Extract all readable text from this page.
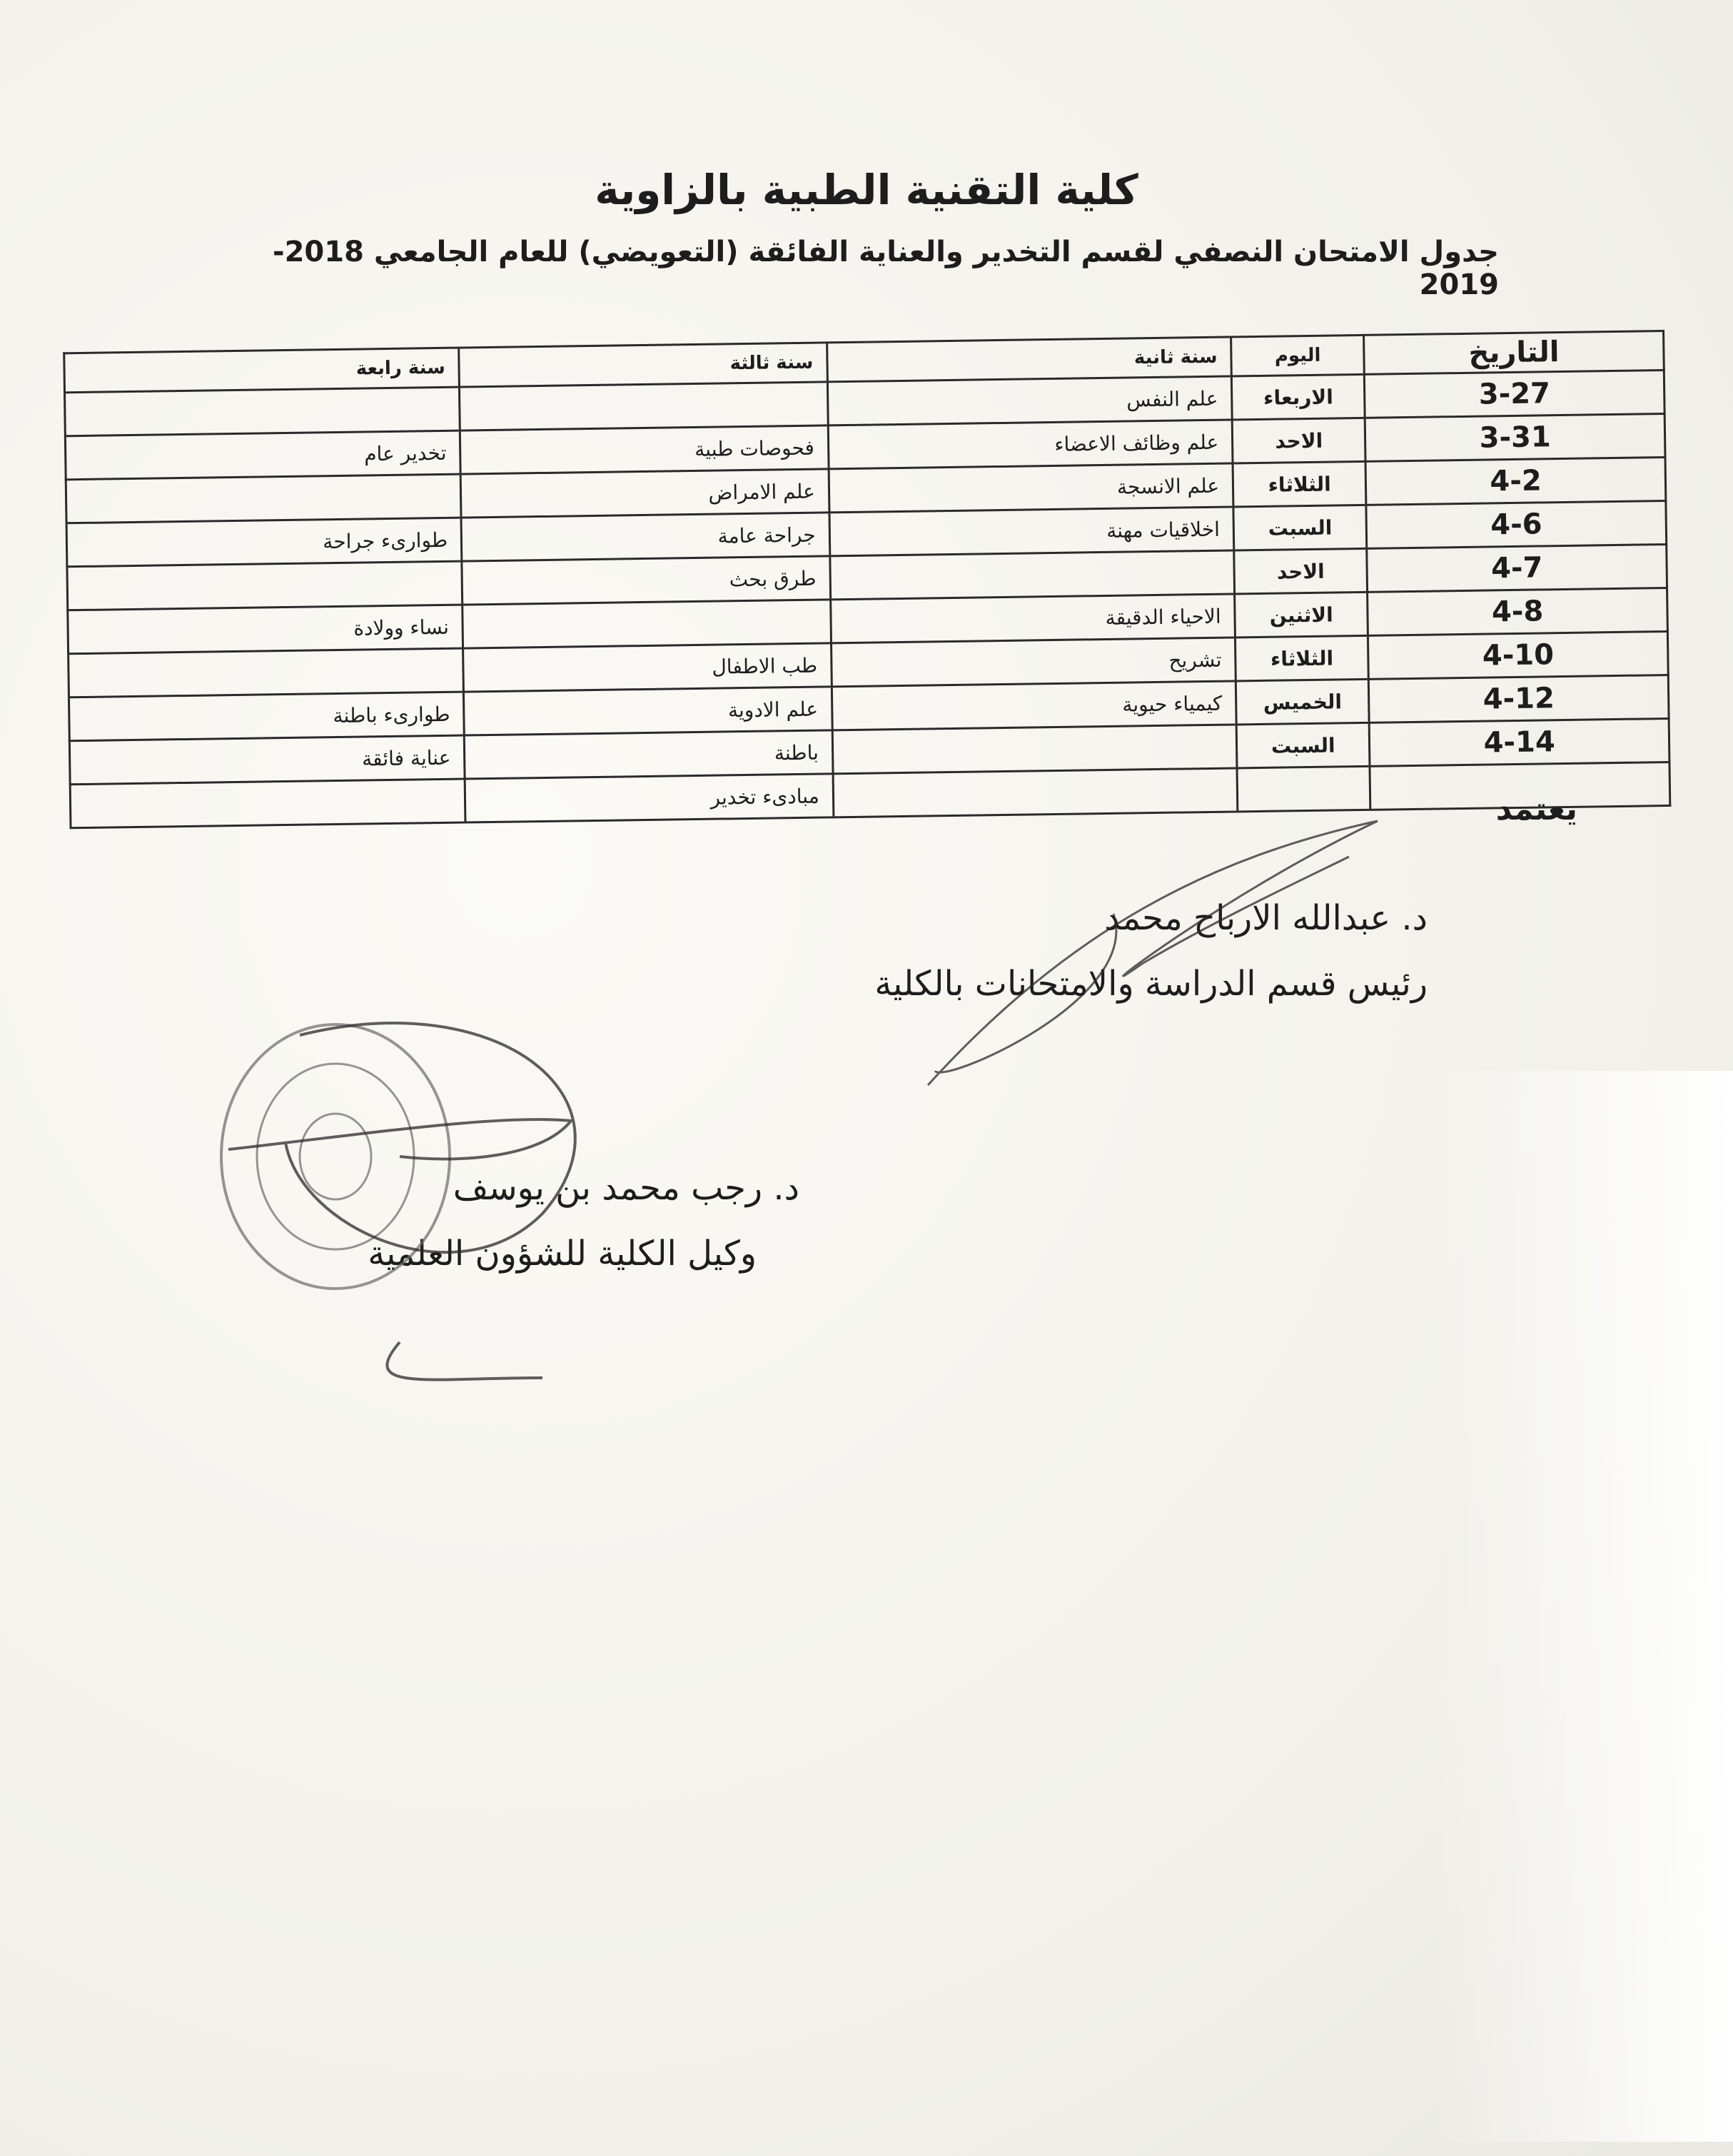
كلية التقنية الطبية بالزاوية
جدول الامتحان النصفي لقسم التخدير والعناية الفائقة (التعويضي) للعام الجامعي 2018-2019
التاريخ	اليوم	سنة ثانية	سنة ثالثة	سنة رابعة
3-27	الاربعاء	علم النفس		
3-31	الاحد	علم وظائف الاعضاء	فحوصات طبية	تخدير عام
4-2	الثلاثاء	علم الانسجة	علم الامراض	
4-6	السبت	اخلاقيات مهنة	جراحة عامة	طوارىء جراحة
4-7	الاحد		طرق بحث	
4-8	الاثنين	الاحياء الدقيقة		نساء وولادة
4-10	الثلاثاء	تشريح	طب الاطفال	
4-12	الخميس	كيمياء حيوية	علم الادوية	طوارىء باطنة
4-14	السبت		باطنة	عناية فائقة
			مبادىء تخدير		يعتمد
د. عبدالله الارباح محمد
رئيس قسم الدراسة والامتحانات بالكلية
د. رجب محمد بن يوسف
وكيل الكلية للشؤون العلمية
